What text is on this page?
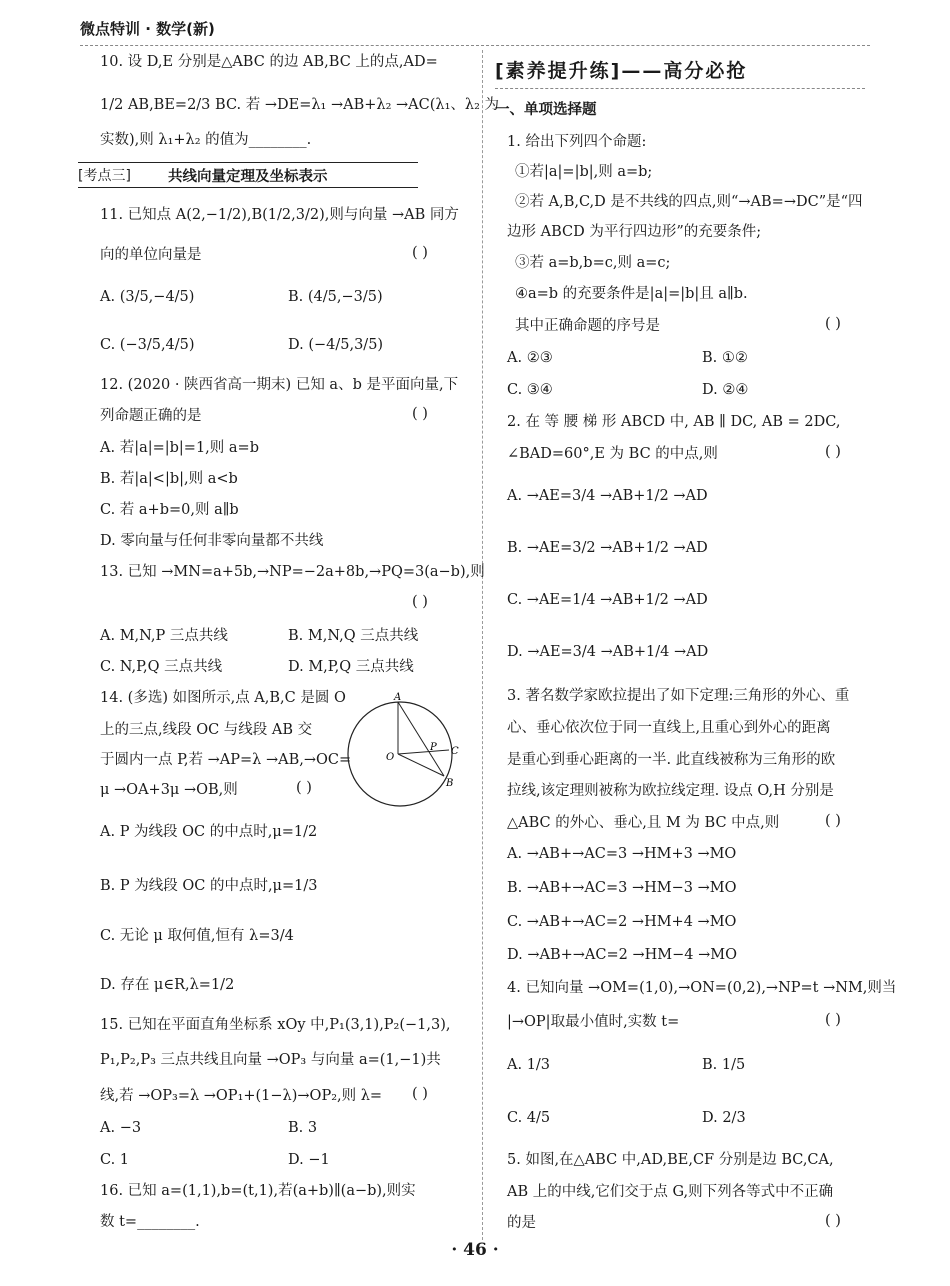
微点特训 · 数学(新)
10. 设 D,E 分别是△ABC 的边 AB,BC 上的点,AD=
1/2 AB,BE=2/3 BC. 若 →DE=λ₁ →AB+λ₂ →AC(λ₁、λ₂ 为
实数),则 λ₁+λ₂ 的值为________.
[考点三]	共线向量定理及坐标表示
11. 已知点 A(2,−1/2),B(1/2,3/2),则与向量 →AB 同方
向的单位向量是	( )
A. (3/5,−4/5)	B. (4/5,−3/5)
C. (−3/5,4/5)	D. (−4/5,3/5)
12. (2020 · 陕西省高一期末) 已知 a、b 是平面向量,下
列命题正确的是	( )
A. 若|a|=|b|=1,则 a=b
B. 若|a|<|b|,则 a<b
C. 若 a+b=0,则 a∥b
D. 零向量与任何非零向量都不共线
13. 已知 →MN=a+5b,→NP=−2a+8b,→PQ=3(a−b),则
( )
A. M,N,P 三点共线	B. M,N,Q 三点共线
C. N,P,Q 三点共线	D. M,P,Q 三点共线
14. (多选) 如图所示,点 A,B,C 是圆 O
上的三点,线段 OC 与线段 AB 交
于圆内一点 P,若 →AP=λ →AB,→OC=
μ →OA+3μ →OB,则	( )
A. P 为线段 OC 的中点时,μ=1/2
B. P 为线段 OC 的中点时,μ=1/3
C. 无论 μ 取何值,恒有 λ=3/4
D. 存在 μ∈R,λ=1/2
15. 已知在平面直角坐标系 xOy 中,P₁(3,1),P₂(−1,3),
P₁,P₂,P₃ 三点共线且向量 →OP₃ 与向量 a=(1,−1)共
线,若 →OP₃=λ →OP₁+(1−λ)→OP₂,则 λ= ( )
A. −3	B. 3
C. 1	D. −1
16. 已知 a=(1,1),b=(t,1),若(a+b)∥(a−b),则实
数 t=________.
A
O
P C
B
[素养提升练]——高分必抢
一、单项选择题
1. 给出下列四个命题:
①若|a|=|b|,则 a=b;
②若 A,B,C,D 是不共线的四点,则“→AB=→DC”是“四
边形 ABCD 为平行四边形”的充要条件;
③若 a=b,b=c,则 a=c;
④a=b 的充要条件是|a|=|b|且 a∥b.
其中正确命题的序号是	( )
A. ②③	B. ①②
C. ③④	D. ②④
2. 在 等 腰 梯 形 ABCD 中, AB ∥ DC, AB = 2DC,
∠BAD=60°,E 为 BC 的中点,则	( )
A. →AE=3/4 →AB+1/2 →AD
B. →AE=3/2 →AB+1/2 →AD
C. →AE=1/4 →AB+1/2 →AD
D. →AE=3/4 →AB+1/4 →AD
3. 著名数学家欧拉提出了如下定理:三角形的外心、重
心、垂心依次位于同一直线上,且重心到外心的距离
是重心到垂心距离的一半. 此直线被称为三角形的欧
拉线,该定理则被称为欧拉线定理. 设点 O,H 分别是
△ABC 的外心、垂心,且 M 为 BC 中点,则	( )
A. →AB+→AC=3 →HM+3 →MO
B. →AB+→AC=3 →HM−3 →MO
C. →AB+→AC=2 →HM+4 →MO
D. →AB+→AC=2 →HM−4 →MO
4. 已知向量 →OM=(1,0),→ON=(0,2),→NP=t →NM,则当
|→OP|取最小值时,实数 t=	( )
A. 1/3	B. 1/5
C. 4/5	D. 2/3
5. 如图,在△ABC 中,AD,BE,CF 分别是边 BC,CA,
AB 上的中线,它们交于点 G,则下列各等式中不正确
的是	( )
· 46 ·
